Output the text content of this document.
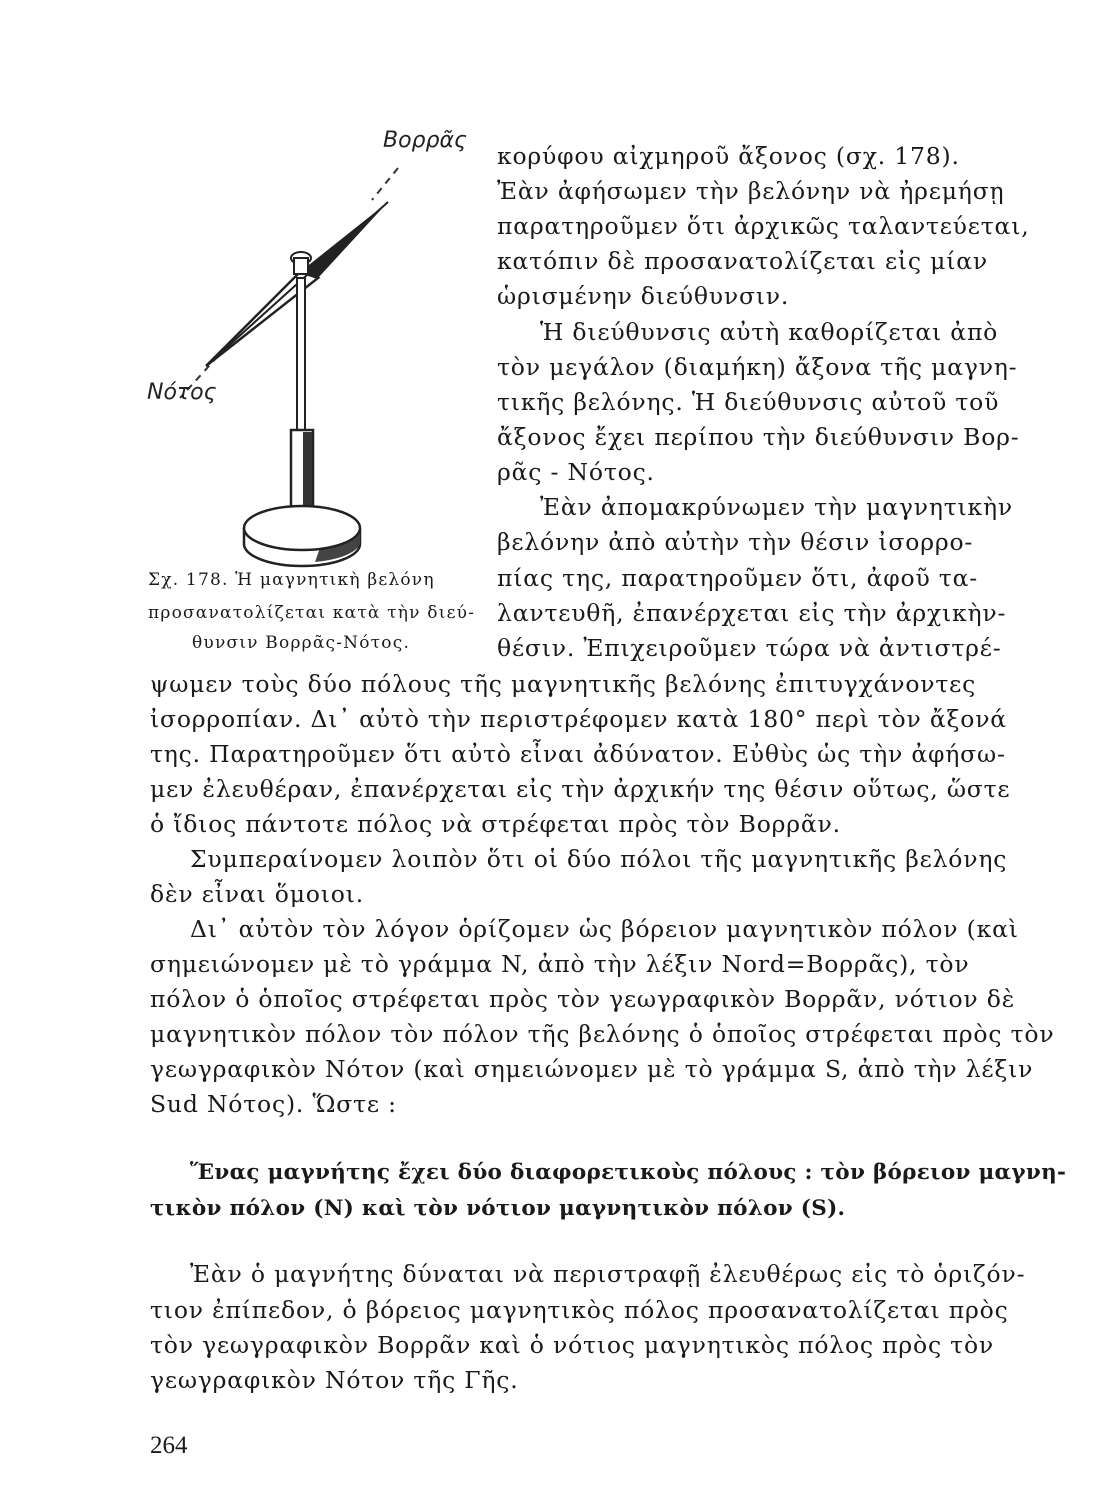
Βορρᾶς
Νότος
Σχ. 178. Ἡ μαγνητικὴ βελόνη
προσανατολίζεται κατὰ τὴν διεύ-
θυνσιν Βορρᾶς-Νότος.
κορύφου αἰχμηροῦ ἄξονος (σχ. 178).
Ἐὰν ἀφήσωμεν τὴν βελόνην νὰ ἠρεμήσῃ
παρατηροῦμεν ὅτι ἀρχικῶς ταλαντεύεται,
κατόπιν δὲ προσανατολίζεται εἰς μίαν
ὡρισμένην διεύθυνσιν.
Ἡ διεύθυνσις αὐτὴ καθορίζεται ἀπὸ
τὸν μεγάλον (διαμήκη) ἄξονα τῆς μαγνη-
τικῆς βελόνης. Ἡ διεύθυνσις αὐτοῦ τοῦ
ἄξονος ἔχει περίπου τὴν διεύθυνσιν Βορ-
ρᾶς - Νότος.
Ἐὰν ἀπομακρύνωμεν τὴν μαγνητικὴν
βελόνην ἀπὸ αὐτὴν τὴν θέσιν ἰσορρο-
πίας της, παρατηροῦμεν ὅτι, ἀφοῦ τα-
λαντευθῆ, ἐπανέρχεται εἰς τὴν ἀρχικὴν-
θέσιν. Ἐπιχειροῦμεν τώρα νὰ ἀντιστρέ-
ψωμεν τοὺς δύο πόλους τῆς μαγνητικῆς βελόνης ἐπιτυγχάνοντες
ἰσορροπίαν. Δι᾽ αὐτὸ τὴν περιστρέφομεν κατὰ 180° περὶ τὸν ἄξονά
της. Παρατηροῦμεν ὅτι αὐτὸ εἶναι ἀδύνατον. Εὐθὺς ὡς τὴν ἀφήσω-
μεν ἐλευθέραν, ἐπανέρχεται εἰς τὴν ἀρχικήν της θέσιν οὕτως, ὥστε
ὁ ἴδιος πάντοτε πόλος νὰ στρέφεται πρὸς τὸν Βορρᾶν.
Συμπεραίνομεν λοιπὸν ὅτι οἱ δύο πόλοι τῆς μαγνητικῆς βελόνης
δὲν εἶναι ὅμοιοι.
Δι᾽ αὐτὸν τὸν λόγον ὁρίζομεν ὡς βόρειον μαγνητικὸν πόλον (καὶ
σημειώνομεν μὲ τὸ γράμμα N, ἀπὸ τὴν λέξιν Nord=Βορρᾶς), τὸν
πόλον ὁ ὁποῖος στρέφεται πρὸς τὸν γεωγραφικὸν Βορρᾶν, νότιον δὲ
μαγνητικὸν πόλον τὸν πόλον τῆς βελόνης ὁ ὁποῖος στρέφεται πρὸς τὸν
γεωγραφικὸν Νότον (καὶ σημειώνομεν μὲ τὸ γράμμα S, ἀπὸ τὴν λέξιν
Sud Νότος). Ὥστε :
Ἕνας μαγνήτης ἔχει δύο διαφορετικοὺς πόλους : τὸν βόρειον μαγνη-
τικὸν πόλον (N) καὶ τὸν νότιον μαγνητικὸν πόλον (S).
Ἐὰν ὁ μαγνήτης δύναται νὰ περιστραφῇ ἐλευθέρως εἰς τὸ ὁριζόν-
τιον ἐπίπεδον, ὁ βόρειος μαγνητικὸς πόλος προσανατολίζεται πρὸς
τὸν γεωγραφικὸν Βορρᾶν καὶ ὁ νότιος μαγνητικὸς πόλος πρὸς τὸν
γεωγραφικὸν Νότον τῆς Γῆς.
264
